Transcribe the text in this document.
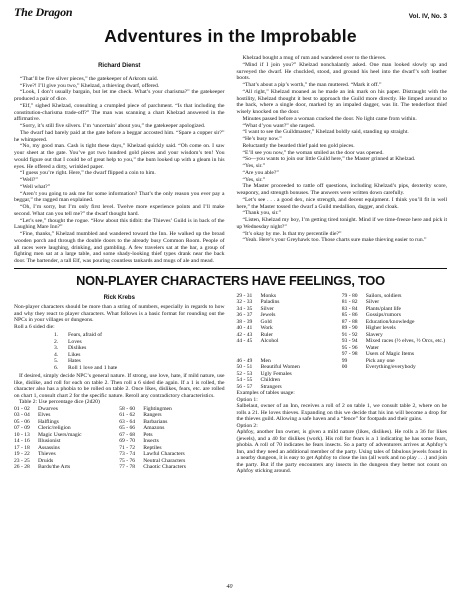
The Dragon	Vol. IV, No. 3
Adventures in the Improbable
Richard Dienst

“That’ll be five silver pieces,” the gatekeeper of Arkrom said.

“Five?! I’ll give you two,” Khelzad, a thieving dwarf, offered.

“Look, I don’t usually bargain, but let me check. What’s your charisma?” the gatekeeper produced a pair of dice.

“Elf,” sighed Khelzad, consulting a crumpled piece of parchment. “Is that including the constitution-charisma trade-off?” The man was scanning a chart Khelzad answered in the affirmative.

“Sorry, it’s still five silvers. I’m ‘uncertain’ about you,” the gatekeeper apologized.

The dwarf had barely paid at the gate before a beggar accosted him. “Spare a copper sir?” he whimpered.

“No, my good man. Cash is tight these days,” Khelzad quickly said. “Oh come on. I saw your sheet at the gate. You’ve got two hundred gold pieces and your wisdom’s ten! You would figure out that I could be of great help to you,” the bum looked up with a gleam in his eyes. He offered a dirty, wrinkled paper.

“I guess you’re right. Here,” the dwarf flipped a coin to him.

“Well?”

“Well what?”

“Aren’t you going to ask me for some information? That’s the only reason you ever pay a beggar,” the ragged man explained.

“Oh, I’m sorry, but I’m only first level. Twelve more experience points and I’ll make second. What can you tell me?” the dwarf thought hard.

“Let’s see,” thought the rogue. “How about this tidbit: the Thieves’ Guild is in back of the Laughing Mare Inn?”

“Fine, thanks,” Khelzad mumbled and wandered toward the Inn. He walked up the broad wooden porch and through the double doors to the already busy Common Room. People of all races were laughing, drinking, and gambling. A few travelers sat at the bar, a group of fighting men sat at a large table, and some shady-looking thief types drank near the back door. The bartender, a tall Elf, was pouring countless tankards and mugs of ale and mead.

Khelzad bought a mug of rum and wandered over to the thieves.

“Mind if I join you?” Khelzad nonchalantly asked. One man looked slowly up and surveyed the dwarf. He chuckled, stood, and ground his heel into the dwarf’s soft leather boots.

“That’s about a pip’s worth,” the man muttered. “Mark it off.”

“All right,” Khelzad moaned as he made an ink mark on his paper. Distraught with the hostility, Khelzad thought it best to approach the Guild more directly. He limped around to the back, where a single door, marked by an impaled dagger, was lit. The tenderfoot thief wisely knocked on the door.

Minutes passed before a woman cracked the door. No light came from within.

“What d’you want?” she rasped.

“I want to see the Guildmaster,” Khelzad boldly said, standing up straight.

“He’s busy now.”

Reluctantly the bearded thief paid ten gold pieces.

“E’ll see you now,” the woman smiled as the door was opened.

“So—you wants to join our little Guild here,” the Master grinned at Khelzad.

“Yes, sir.”

“Are you able?”

“Yes, sir.”

The Master proceeded to rattle off questions, including Khelzad’s pips, dexterity score, weaponry, and strength bonuses. The answers were written down carefully.

“Let’s see . . . a good dex, nice strength, and decent equipment. I think you’ll fit in well here,” the Master tossed the dwarf a Guild medallion, dagger, and cloak.

“Thank you, sir.”

“Listen, Khelzad my boy, I’m getting tired tonight. Mind if we time-freeze here and pick it up Wednesday night?”

“It’s okay by me. Is that my percentile die?”

“Yeah. Here’s your Greyhawk too. Those charts sure make thieving easier to run.”

NON-PLAYER CHARACTERS HAVE FEELINGS, TOO
Rick Krebs

Non-player characters should be more than a string of numbers, especially in regards to how and why they react to player characters. What follows is a basic format for rounding out the NPCs in your villages or dungeons.

Roll a 6 sided die:

1.	Fears, afraid of
2.	Loves
3.	Dislikes
4.	Likes
5.	Hates
6.	Roll 1 love and 1 hate

If desired, simply decide NPC’s general nature. If strong, use love, hate, if mild nature, use like, dislike, and roll for each on table 2. Then roll a 6 sided die again. If a 1 is rolled, the character also has a phobia to be rolled on table 2. Once likes, dislikes, fears, etc. are rolled on chart 1, consult chart 2 for the specific nature. Reroll any contradictory characteristics.

Table 2: Use percentage dice (2d20)

01 - 02	Dwarves
03 - 04	Elves
05 - 06	Halflings
07 - 09	Cleric/religion
10 - 13	Magic Users/magic
14 - 16	Illusionist
17 - 18	Assassins
19 - 22	Thieves
23 - 25	Druids
26 - 28	Bards/the Arts
58 - 60	Fightingmen
61 - 62	Rangers
63 - 64	Barbarians
65 - 66	Amazons
67 - 68	Pets
69 - 70	Insects
71 - 72	Reptiles
73 - 74	Lawful Characters
75 - 76	Neutral Characters
77 - 78	Chaotic Characters
29 - 31	Monks
32 - 33	Paladins
34 - 35	Silver
36 - 37	Jewels
38 - 39	Gold
40 - 41	Work
42 - 43	Ruler
44 - 45	Alcohol

46 - 49	Men
50 - 51	Beautiful Women
52 - 53	Ugly Females
54 - 55	Children
56 - 57	Strangers
79 - 80	Sailors, soldiers
81 - 82	Silver
83 - 84	Plants/plant life
85 - 86	Gossips/rumors
87 - 88	Education/knowledge
89 - 90	Higher levels
91 - 92	Slavery
93 - 94	Mixed races (½ elves, ½ Orcs, etc.)
95 - 96	Water
97 - 98	Users of Magic Items
99	Pick any one
00	Everything/everybody

Examples of tables usage:

Option 1:

Salbelaut, owner of an Inn, receives a roll of 2 on table 1, we consult table 2, where on he rolls a 21. He loves thieves. Expanding on this we decide that his inn will become a drop for the thieves guild. Allowing a safe haven and a “fence” for footpads and their gains.

Option 2:

Aphfoy, another Inn owner, is given a mild nature (likes, dislikes). He rolls a 36 for likes (jewels), and a 40 for dislikes (work). His roll for fears is a 1 indicating he has some fears, phobia. A roll of 70 indicates he fears insects. So a party of adventurers arrives at Aphfoy’s Inn, and they need an additional member of the party. Using tales of fabulous jewels found in a nearby dungeon, it is easy to get Aphfoy to close the inn (all work and no play . . .) and join the party. But if the party encounters any insects in the dungeon they better not count on Aphfoy sticking around.

40
